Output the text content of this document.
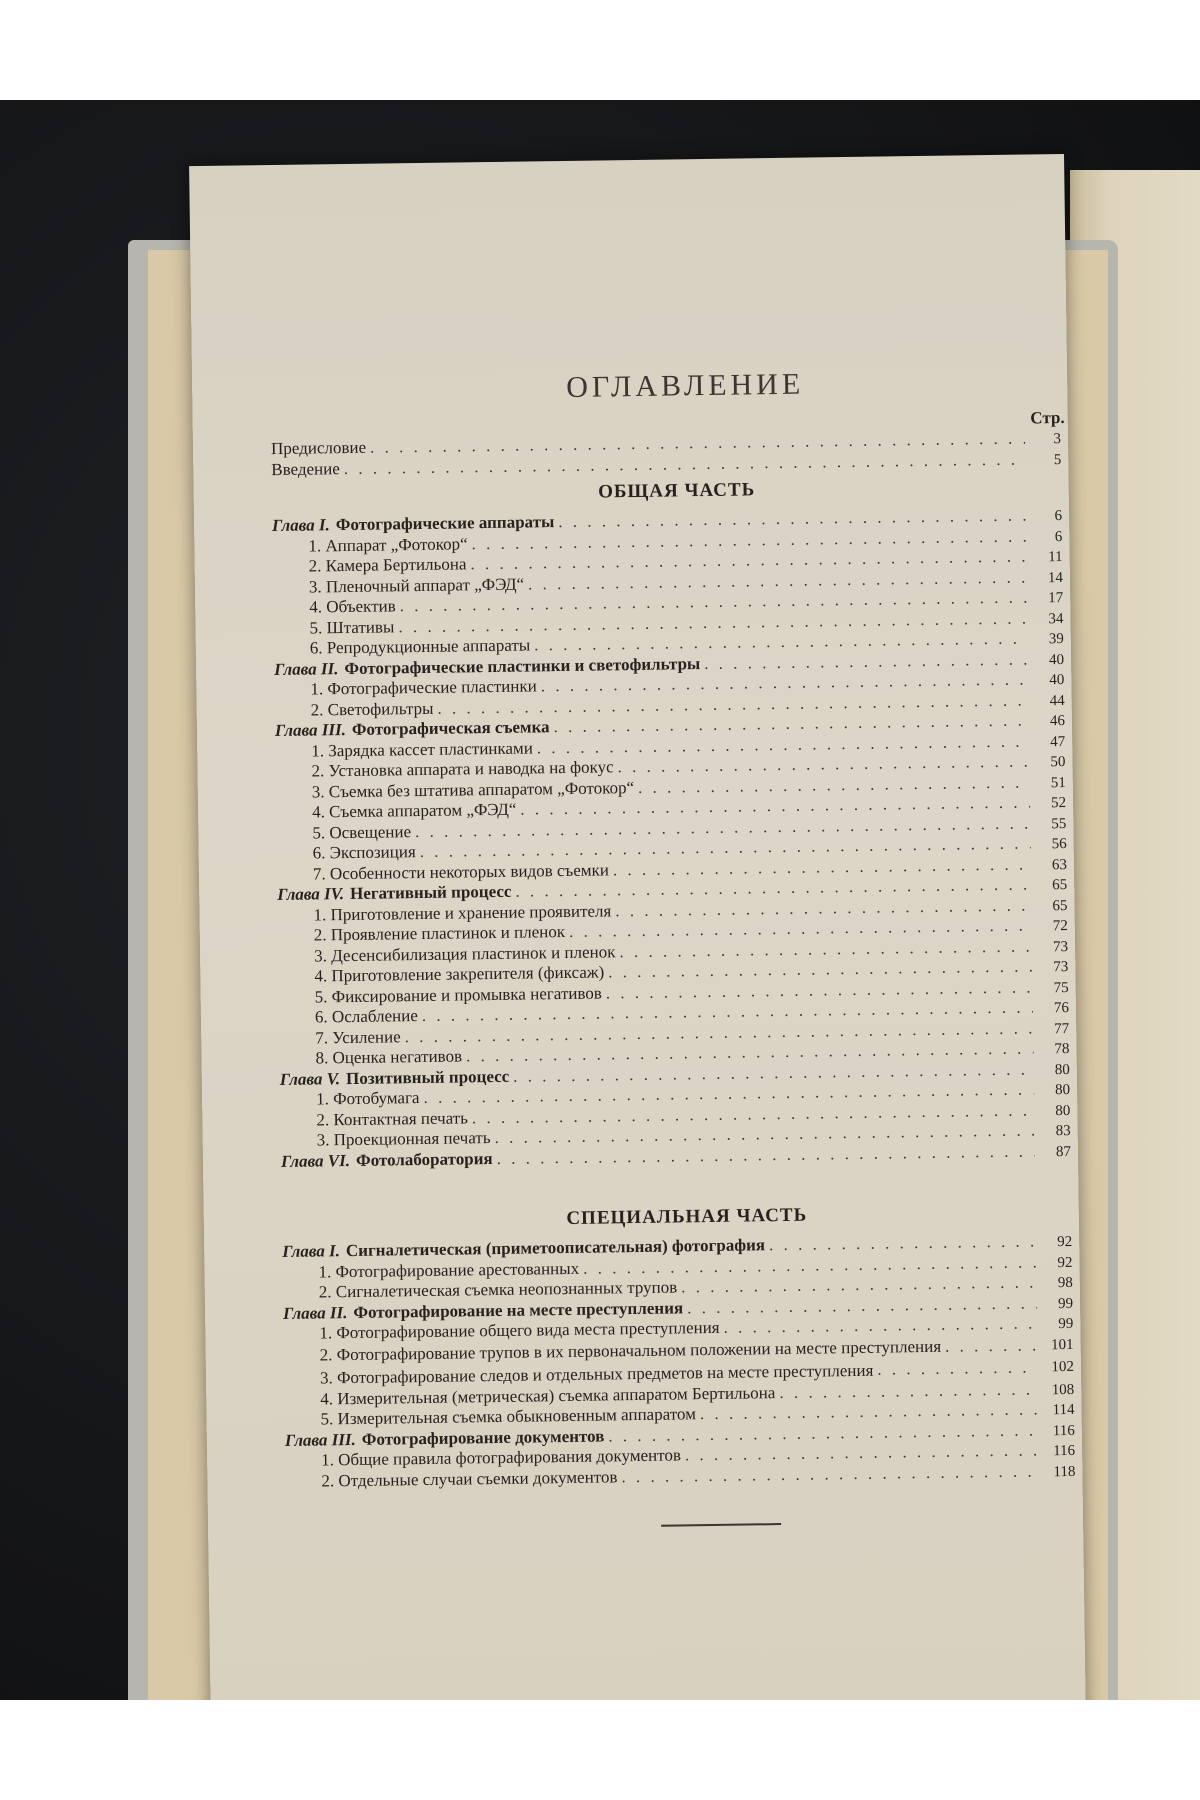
ОГЛАВЛЕНИЕ
Стр.
Предисловие . . .	3
Введение . . .	5
ОБЩАЯ ЧАСТЬ
Глава I. Фотографические аппараты . . .	6
1. Аппарат „Фотокор“ . . .	6
2. Камера Бертильона . . .	11
3. Пленочный аппарат „ФЭД“ . . .	14
4. Объектив . . .	17
5. Штативы . . .	34
6. Репродукционные аппараты . . .	39
Глава II. Фотографические пластинки и светофильтры . . .	40
1. Фотографические пластинки . . .	40
2. Светофильтры . . .	44
Глава III. Фотографическая съемка . . .	46
1. Зарядка кассет пластинками . . .	47
2. Установка аппарата и наводка на фокус . . .	50
3. Съемка без штатива аппаратом „Фотокор“ . . .	51
4. Съемка аппаратом „ФЭД“ . . .	52
5. Освещение . . .	55
6. Экспозиция . . .	56
7. Особенности некоторых видов съемки . . .	63
Глава IV. Негативный процесс . . .	65
1. Приготовление и хранение проявителя . . .	65
2. Проявление пластинок и пленок . . .	72
3. Десенсибилизация пластинок и пленок . . .	73
4. Приготовление закрепителя (фиксаж) . . .	73
5. Фиксирование и промывка негативов . . .	75
6. Ослабление . . .	76
7. Усиление . . .	77
8. Оценка негативов . . .	78
Глава V. Позитивный процесс . . .	80
1. Фотобумага . . .	80
2. Контактная печать . . .	80
3. Проекционная печать . . .	83
Глава VI. Фотолаборатория . . .	87
СПЕЦИАЛЬНАЯ ЧАСТЬ
Глава I. Сигналетическая (приметоописательная) фотография . . .	92
1. Фотографирование арестованных . . .	92
2. Сигналетическая съемка неопознанных трупов . . .	98
Глава II. Фотографирование на месте преступления . . .	99
1. Фотографирование общего вида места преступления . . .	99
2. Фотографирование трупов в их первоначальном положении на месте преступления . . .	101
3. Фотографирование следов и отдельных предметов на месте преступления . . .	102
4. Измерительная (метрическая) съемка аппаратом Бертильона . . .	108
5. Измерительная съемка обыкновенным аппаратом . . .	114
Глава III. Фотографирование документов . . .	116
1. Общие правила фотографирования документов . . .	116
2. Отдельные случаи съемки документов . . .	118
